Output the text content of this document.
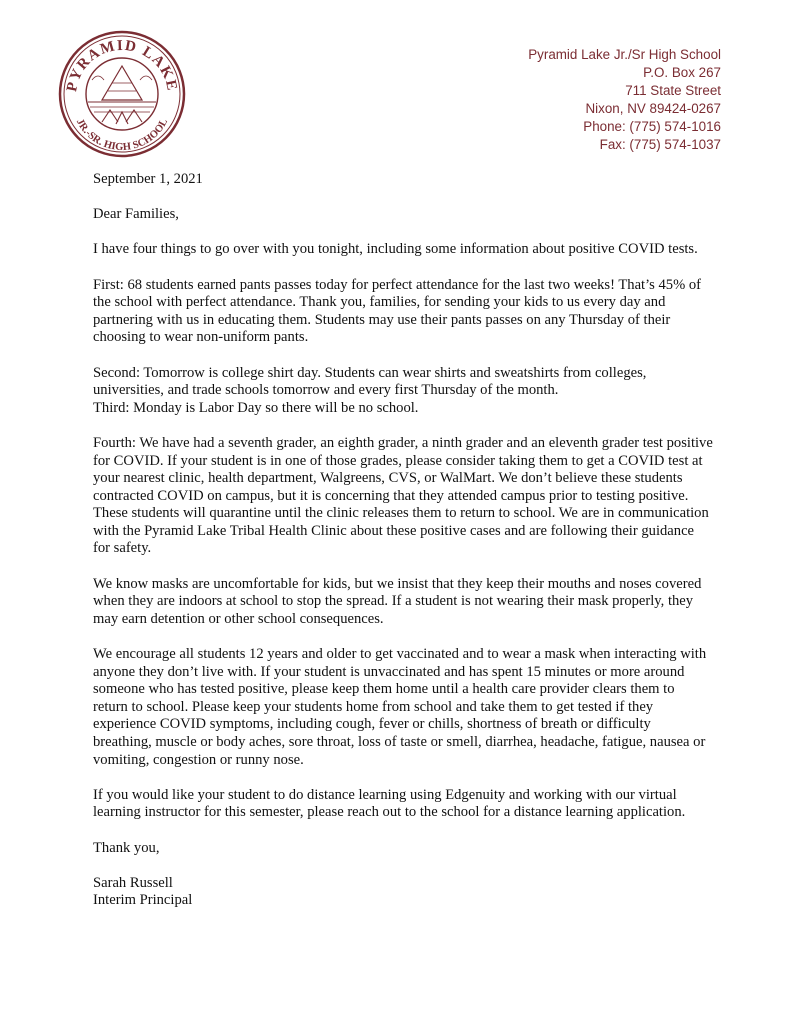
PYRAMID LAKE
JR.-SR. HIGH SCHOOL
Pyramid Lake Jr./Sr High School
P.O. Box 267
711 State Street
Nixon, NV 89424-0267
Phone: (775) 574-1016
Fax: (775) 574-1037

September 1, 2021

Dear Families,

I have four things to go over with you tonight, including some information about positive COVID tests.

First: 68 students earned pants passes today for perfect attendance for the last two weeks! That’s 45% of the school with perfect attendance. Thank you, families, for sending your kids to us every day and partnering with us in educating them. Students may use their pants passes on any Thursday of their choosing to wear non-uniform pants.

Second: Tomorrow is college shirt day. Students can wear shirts and sweatshirts from colleges, universities, and trade schools tomorrow and every first Thursday of the month.

Third: Monday is Labor Day so there will be no school.

Fourth: We have had a seventh grader, an eighth grader, a ninth grader and an eleventh grader test positive for COVID. If your student is in one of those grades, please consider taking them to get a COVID test at your nearest clinic, health department, Walgreens, CVS, or WalMart. We don’t believe these students contracted COVID on campus, but it is concerning that they attended campus prior to testing positive. These students will quarantine until the clinic releases them to return to school. We are in communication with the Pyramid Lake Tribal Health Clinic about these positive cases and are following their guidance for safety.

We know masks are uncomfortable for kids, but we insist that they keep their mouths and noses covered when they are indoors at school to stop the spread. If a student is not wearing their mask properly, they may earn detention or other school consequences.

We encourage all students 12 years and older to get vaccinated and to wear a mask when interacting with anyone they don’t live with. If your student is unvaccinated and has spent 15 minutes or more around someone who has tested positive, please keep them home until a health care provider clears them to return to school. Please keep your students home from school and take them to get tested if they experience COVID symptoms, including cough, fever or chills, shortness of breath or difficulty breathing, muscle or body aches, sore throat, loss of taste or smell, diarrhea, headache, fatigue, nausea or vomiting, congestion or runny nose.

If you would like your student to do distance learning using Edgenuity and working with our virtual learning instructor for this semester, please reach out to the school for a distance learning application.

Thank you,

Sarah Russell

Interim Principal
